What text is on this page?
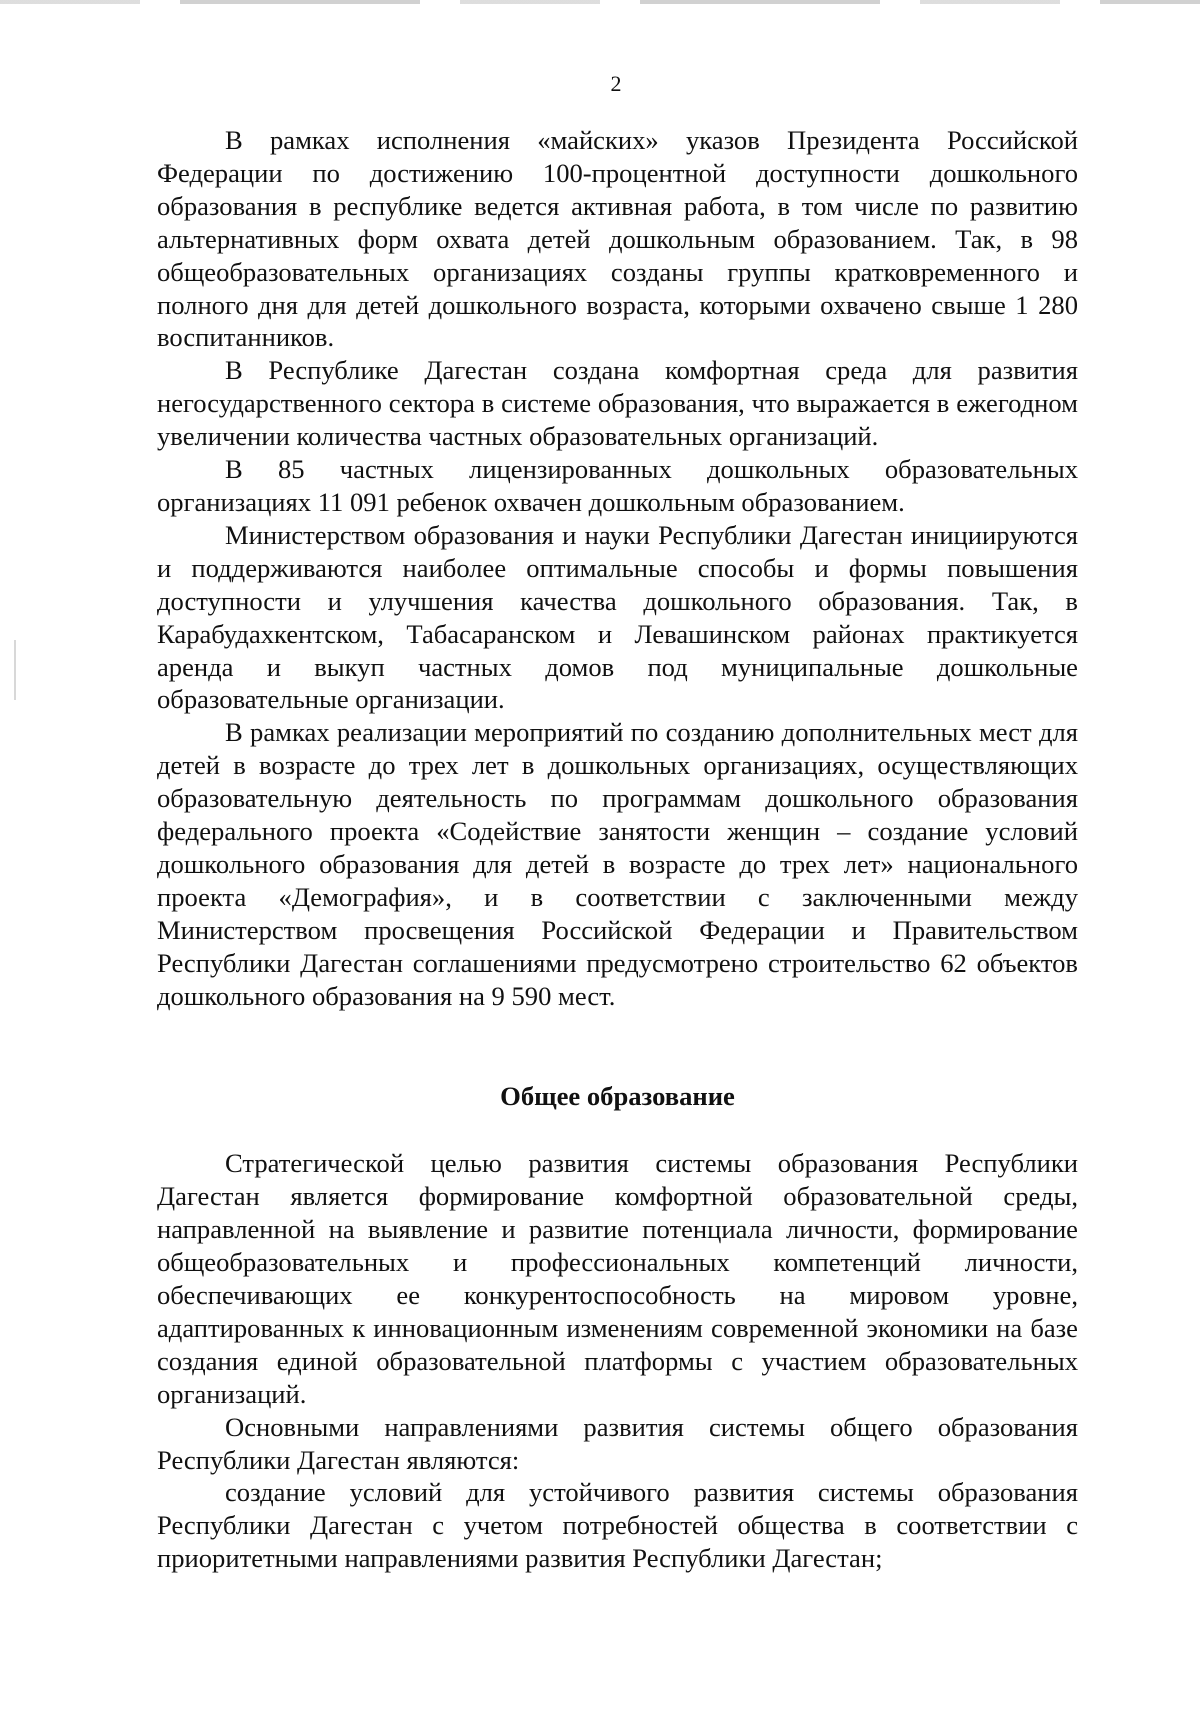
2

В рамках исполнения «майских» указов Президента Российской Федерации по достижению 100-процентной доступности дошкольного образования в республике ведется активная работа, в том числе по развитию альтернативных форм охвата детей дошкольным образованием. Так, в 98 общеобразовательных организациях созданы группы кратковременного и полного дня для детей дошкольного возраста, которыми охвачено свыше 1 280 воспитанников.

В Республике Дагестан создана комфортная среда для развития негосударственного сектора в системе образования, что выражается в ежегодном увеличении количества частных образовательных организаций.

В 85 частных лицензированных дошкольных образовательных организациях 11 091 ребенок охвачен дошкольным образованием.

Министерством образования и науки Республики Дагестан инициируются и поддерживаются наиболее оптимальные способы и формы повышения доступности и улучшения качества дошкольного образования. Так, в Карабудахкентском, Табасаранском и Левашинском районах практикуется аренда и выкуп частных домов под муниципальные дошкольные образовательные организации.

В рамках реализации мероприятий по созданию дополнительных мест для детей в возрасте до трех лет в дошкольных организациях, осуществляющих образовательную деятельность по программам дошкольного образования федерального проекта «Содействие занятости женщин – создание условий дошкольного образования для детей в возрасте до трех лет» национального проекта «Демография», и в соответствии с заключенными между Министерством просвещения Российской Федерации и Правительством Республики Дагестан соглашениями предусмотрено строительство 62 объектов дошкольного образования на 9 590 мест.

Общее образование

Стратегической целью развития системы образования Республики Дагестан является формирование комфортной образовательной среды, направленной на выявление и развитие потенциала личности, формирование общеобразовательных и профессиональных компетенций личности, обеспечивающих ее конкурентоспособность на мировом уровне, адаптированных к инновационным изменениям современной экономики на базе создания единой образовательной платформы с участием образовательных организаций.

Основными направлениями развития системы общего образования Республики Дагестан являются:

создание условий для устойчивого развития системы образования Республики Дагестан с учетом потребностей общества в соответствии с приоритетными направлениями развития Республики Дагестан;
